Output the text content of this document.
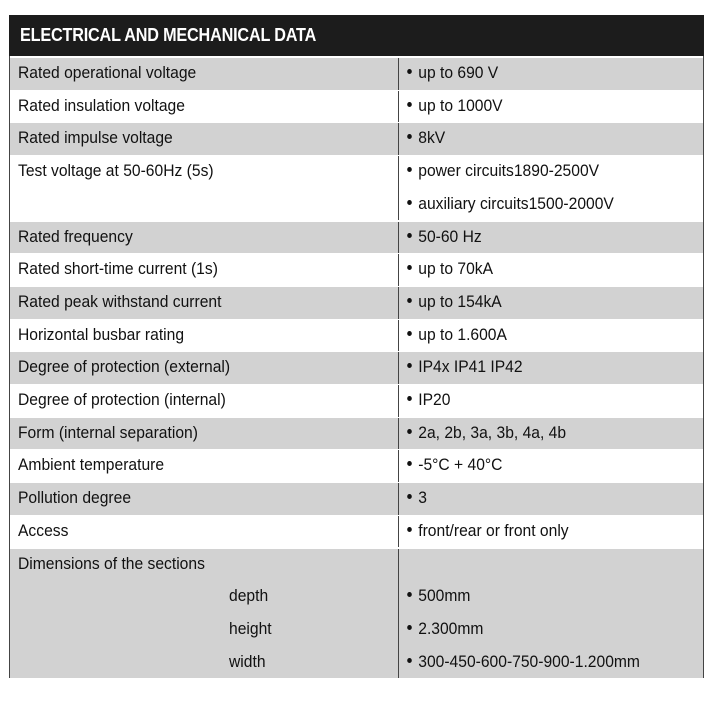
ELECTRICAL AND MECHANICAL DATA
Rated operational voltage	up to 690 V
Rated insulation voltage	up to 1000V
Rated impulse voltage	8kV
Test voltage at 50-60Hz (5s)	power circuits1890-2500V
auxiliary circuits1500-2000V
Rated frequency	50-60 Hz
Rated short-time current (1s)	up to 70kA
Rated peak withstand current	up to 154kA
Horizontal busbar rating	up to 1.600A
Degree of protection (external)	IP4x IP41 IP42
Degree of protection (internal)	IP20
Form (internal separation)	2a, 2b, 3a, 3b, 4a, 4b
Ambient temperature	-5°C + 40°C
Pollution degree	3
Access	front/rear or front only
Dimensions of the sections
depth	500mm
height	2.300mm
width	300-450-600-750-900-1.200mm
